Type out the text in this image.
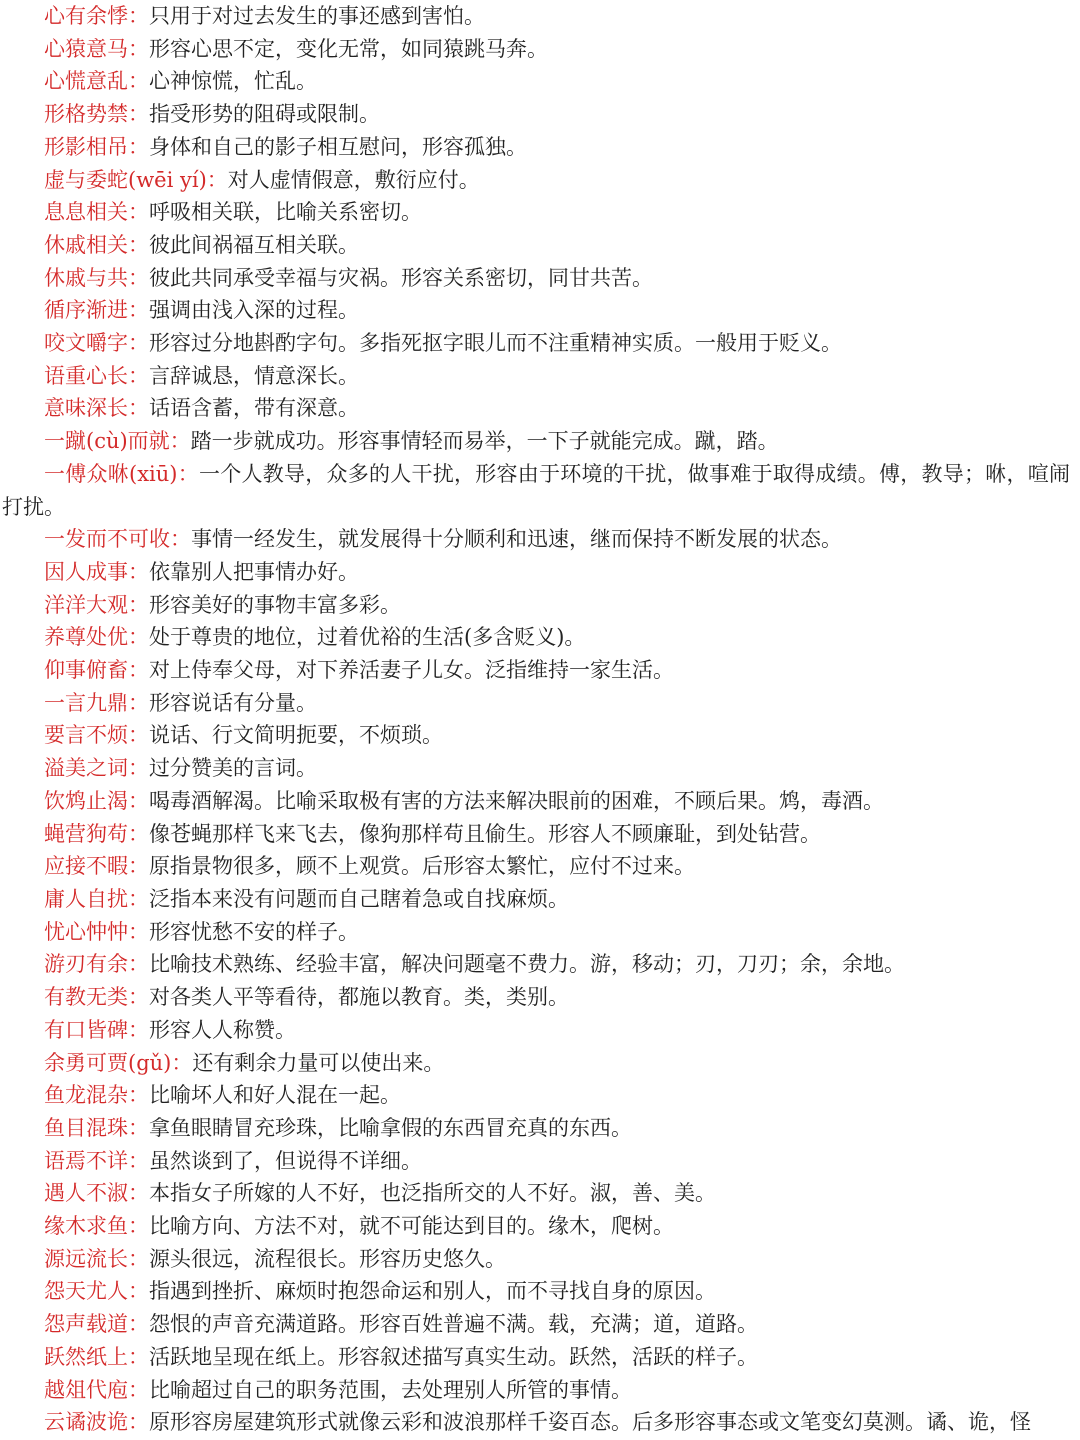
心有余悸：只用于对过去发生的事还感到害怕。
心猿意马：形容心思不定，变化无常，如同猿跳马奔。
心慌意乱：心神惊慌，忙乱。
形格势禁：指受形势的阻碍或限制。
形影相吊：身体和自己的影子相互慰问，形容孤独。
虚与委蛇(wēi yí)：对人虚情假意，敷衍应付。
息息相关：呼吸相关联，比喻关系密切。
休戚相关：彼此间祸福互相关联。
休戚与共：彼此共同承受幸福与灾祸。形容关系密切，同甘共苦。
循序渐进：强调由浅入深的过程。
咬文嚼字：形容过分地斟酌字句。多指死抠字眼儿而不注重精神实质。一般用于贬义。
语重心长：言辞诚恳，情意深长。
意味深长：话语含蓄，带有深意。
一蹴(cù)而就：踏一步就成功。形容事情轻而易举，一下子就能完成。蹴，踏。
一傅众咻(xiū)：一个人教导，众多的人干扰，形容由于环境的干扰，做事难于取得成绩。傅，教导；咻，喧闹打扰。
一发而不可收：事情一经发生，就发展得十分顺利和迅速，继而保持不断发展的状态。
因人成事：依靠别人把事情办好。
洋洋大观：形容美好的事物丰富多彩。
养尊处优：处于尊贵的地位，过着优裕的生活(多含贬义)。
仰事俯畜：对上侍奉父母，对下养活妻子儿女。泛指维持一家生活。
一言九鼎：形容说话有分量。
要言不烦：说话、行文简明扼要，不烦琐。
溢美之词：过分赞美的言词。
饮鸩止渴：喝毒酒解渴。比喻采取极有害的方法来解决眼前的困难，不顾后果。鸩，毒酒。
蝇营狗苟：像苍蝇那样飞来飞去，像狗那样苟且偷生。形容人不顾廉耻，到处钻营。
应接不暇：原指景物很多，顾不上观赏。后形容太繁忙，应付不过来。
庸人自扰：泛指本来没有问题而自己瞎着急或自找麻烦。
忧心忡忡：形容忧愁不安的样子。
游刃有余：比喻技术熟练、经验丰富，解决问题毫不费力。游，移动；刃，刀刃；余，余地。
有教无类：对各类人平等看待，都施以教育。类，类别。
有口皆碑：形容人人称赞。
余勇可贾(gǔ)：还有剩余力量可以使出来。
鱼龙混杂：比喻坏人和好人混在一起。
鱼目混珠：拿鱼眼睛冒充珍珠，比喻拿假的东西冒充真的东西。
语焉不详：虽然谈到了，但说得不详细。
遇人不淑：本指女子所嫁的人不好，也泛指所交的人不好。淑，善、美。
缘木求鱼：比喻方向、方法不对，就不可能达到目的。缘木，爬树。
源远流长：源头很远，流程很长。形容历史悠久。
怨天尤人：指遇到挫折、麻烦时抱怨命运和别人，而不寻找自身的原因。
怨声载道：怨恨的声音充满道路。形容百姓普遍不满。载，充满；道，道路。
跃然纸上：活跃地呈现在纸上。形容叙述描写真实生动。跃然，活跃的样子。
越俎代庖：比喻超过自己的职务范围，去处理别人所管的事情。
云谲波诡：原形容房屋建筑形式就像云彩和波浪那样千姿百态。后多形容事态或文笔变幻莫测。谲、诡，怪
